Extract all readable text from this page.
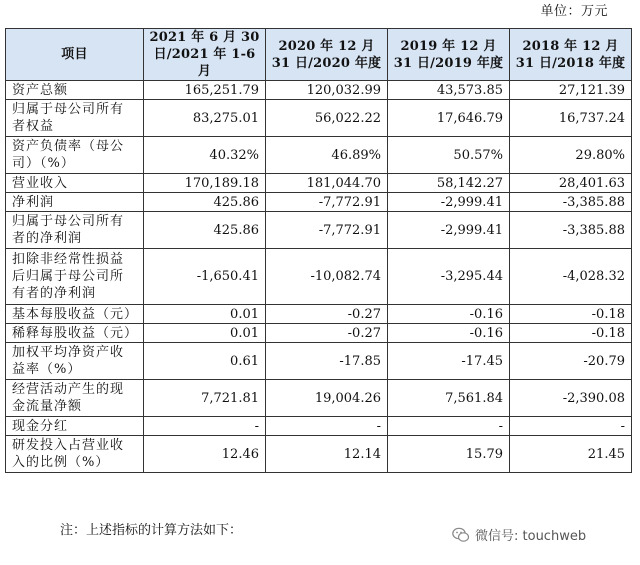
单位：万元
项目	2021 年 6 月 30 日/2021 年 1-6 月	2020 年 12 月 31 日/2020 年度	2019 年 12 月 31 日/2019 年度	2018 年 12 月 31 日/2018 年度
资产总额	165,251.79	120,032.99	43,573.85	27,121.39
归属于母公司所有者权益	83,275.01	56,022.22	17,646.79	16,737.24
资产负债率（母公司）（%）	40.32%	46.89%	50.57%	29.80%
营业收入	170,189.18	181,044.70	58,142.27	28,401.63
净利润	425.86	-7,772.91	-2,999.41	-3,385.88
归属于母公司所有者的净利润	425.86	-7,772.91	-2,999.41	-3,385.88
扣除非经常性损益后归属于母公司所有者的净利润	-1,650.41	-10,082.74	-3,295.44	-4,028.32
基本每股收益（元）	0.01	-0.27	-0.16	-0.18
稀释每股收益（元）	0.01	-0.27	-0.16	-0.18
加权平均净资产收益率（%）	0.61	-17.85	-17.45	-20.79
经营活动产生的现金流量净额	7,721.81	19,004.26	7,561.84	-2,390.08
现金分红	-	-	-	-
研发投入占营业收入的比例（%）	12.46	12.14	15.79	21.45
注：上述指标的计算方法如下：	微信号: touchweb
